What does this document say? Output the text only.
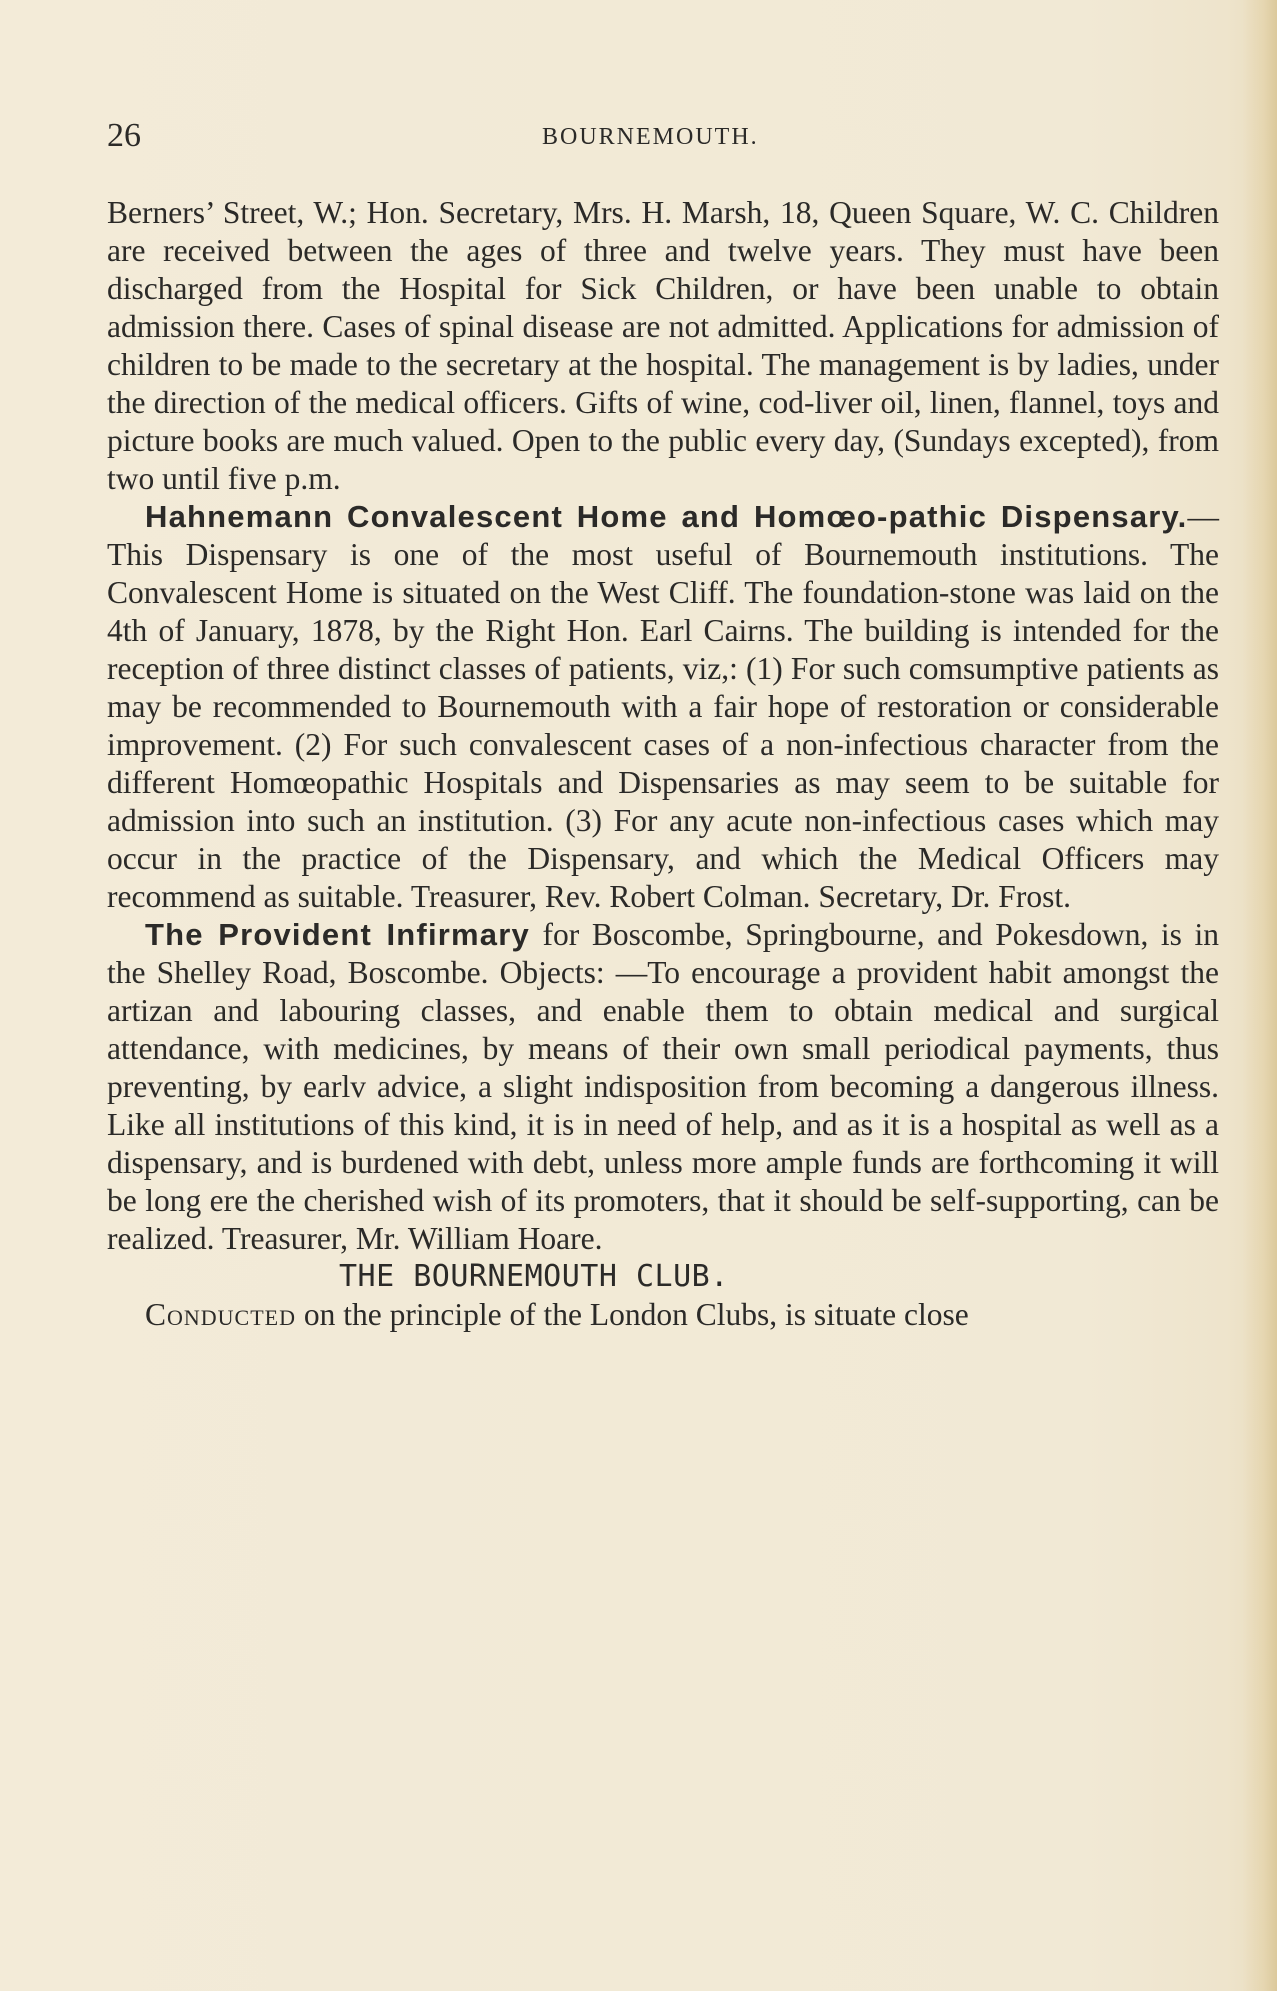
26	BOURNEMOUTH.

Berners’ Street, W.; Hon. Secretary, Mrs. H. Marsh, 18, Queen Square, W. C. Children are received between the ages of three and twelve years. They must have been discharged from the Hospital for Sick Children, or have been unable to obtain admission there. Cases of spinal disease are not admitted. Applications for admission of children to be made to the secretary at the hospital. The management is by ladies, under the direction of the medical officers. Gifts of wine, cod-liver oil, linen, flannel, toys and picture books are much valued. Open to the public every day, (Sundays excepted), from two until five p.m.

Hahnemann Convalescent Home and Homœo-pathic Dispensary.—This Dispensary is one of the most useful of Bournemouth institutions. The Convalescent Home is situated on the West Cliff. The foundation-stone was laid on the 4th of January, 1878, by the Right Hon. Earl Cairns. The building is intended for the reception of three distinct classes of patients, viz,: (1) For such comsumptive patients as may be recommended to Bournemouth with a fair hope of restoration or considerable improvement. (2) For such convalescent cases of a non-infectious character from the different Homœopathic Hospitals and Dispensaries as may seem to be suitable for admission into such an institution. (3) For any acute non-infectious cases which may occur in the practice of the Dispensary, and which the Medical Officers may recommend as suitable. Treasurer, Rev. Robert Colman. Secretary, Dr. Frost.

The Provident Infirmary for Boscombe, Springbourne, and Pokesdown, is in the Shelley Road, Boscombe. Objects: —To encourage a provident habit amongst the artizan and labouring classes, and enable them to obtain medical and surgical attendance, with medicines, by means of their own small periodical payments, thus preventing, by earlv advice, a slight indisposition from becoming a dangerous illness. Like all institutions of this kind, it is in need of help, and as it is a hospital as well as a dispensary, and is burdened with debt, unless more ample funds are forthcoming it will be long ere the cherished wish of its promoters, that it should be self-supporting, can be realized. Treasurer, Mr. William Hoare.

THE BOURNEMOUTH CLUB.

Conducted on the principle of the London Clubs, is situate close
